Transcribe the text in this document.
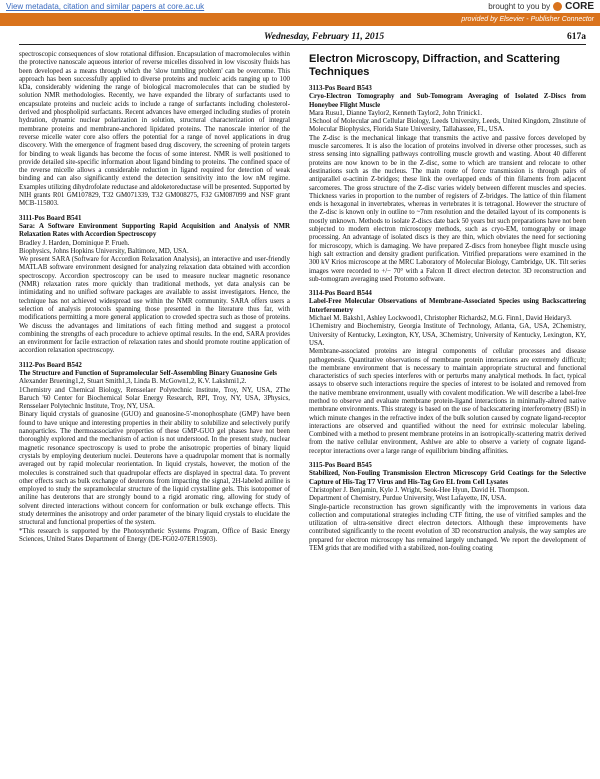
View metadata, citation and similar papers at core.ac.uk	brought to you by CORE
provided by Elsevier - Publisher Connector
Wednesday, February 11, 2015	617a

spectroscopic consequences of slow rotational diffusion. Encapsulation of macromolecules within the protective nanoscale aqueous interior of reverse micelles dissolved in low viscosity fluids has been developed as a means through which the 'slow tumbling problem' can be overcome. This approach has been successfully applied to diverse proteins and nucleic acids ranging up to 100 kDa, considerably widening the range of biological macromolecules that can be studied by solution NMR methodologies. Recently, we have expanded the library of surfactants used to encapsulate proteins and nucleic acids to include a range of surfactants including cholesterol-derived and phospholipid surfactants. Recent advances have emerged including studies of protein hydration, dynamic nuclear polarization in solution, structural characterization of integral membrane proteins and membrane-anchored lipidated proteins. The nanoscale interior of the reverse micelle water core also offers the potential for a range of novel applications in drug discovery. With the emergence of fragment based drug discovery, the screening of protein targets for binding to weak ligands has become the focus of some interest. NMR is well positioned to provide detailed site-specific information about ligand binding to proteins. The confined space of the reverse micelle allows a considerable reduction in ligand required for detection of weak binding and can also significantly extend the detection sensitivity into the low nM regime. Examples utilizing dihydrofolate reductase and aldoketoreductase will be presented. Supported by NIH grants R01 GM107829, T32 GM071339, T32 GM008275, F32 GM087099 and NSF grant MCB-115803.

3111-Pos Board B541

Sara: A Software Environment Supporting Rapid Acquisition and Analysis of NMR Relaxation Rates with Accordion Spectroscopy

Bradley J. Harden, Dominique P. Frueh.

Biophysics, Johns Hopkins University, Baltimore, MD, USA.

We present SARA (Software for Accordion Relaxation Analysis), an interactive and user-friendly MATLAB software environment designed for analyzing relaxation data obtained with accordion spectroscopy. Accordion spectroscopy can be used to measure nuclear magnetic resonance (NMR) relaxation rates more quickly than traditional methods, yet data analysis can be intimidating and no unified software packages are available to assist investigators. Hence, the technique has not achieved widespread use within the NMR community. SARA offers users a selection of analysis protocols spanning those presented in the literature thus far, with modifications permitting a more general application to crowded spectra such as those of proteins. We discuss the advantages and limitations of each fitting method and suggest a protocol combining the strengths of each procedure to achieve optimal results. In the end, SARA provides an environment for facile extraction of relaxation rates and should promote routine application of accordion relaxation spectroscopy.

3112-Pos Board B542

The Structure and Function of Supramolecular Self-Assembling Binary Guanosine Gels

Alexander Bruening1,2, Stuart Smith1,3, Linda B. McGown1,2, K.V. Lakshmi1,2.

1Chemistry and Chemical Biology, Rensselaer Polytechnic Institute, Troy, NY, USA, 2The Baruch '60 Center for Biochemical Solar Energy Research, RPI, Troy, NY, USA, 3Physics, Rensselaer Polytechnic Institute, Troy, NY, USA.

Binary liquid crystals of guanosine (GUO) and guanosine-5'-monophosphate (GMP) have been found to have unique and interesting properties in their ability to solubilize and selectively purify nanoparticles. The thermoassociative properties of these GMP-GUO gel phases have not been thoroughly explored and the mechanism of action is not understood. In the present study, nuclear magnetic resonance spectroscopy is used to probe the anisotropic properties of binary liquid crystals by employing deuterium nuclei. Deuterons have a quadrupolar moment that is normally averaged out by rapid molecular reorientation. In liquid crystals, however, the motion of the molecules is constrained such that quadrupolar effects are displayed in spectral data. To prevent other effects such as bulk exchange of deuterons from impacting the signal, 2H-labeled aniline is employed to study the supramolecular structure of the liquid crystalline gels. This isotopomer of aniline has deuterons that are strongly bound to a rigid aromatic ring, allowing for study of solvent directed interactions without concern for conformation or bulk exchange effects. This study determines the anisotropy and order parameter of the binary liquid crystals to elucidate the structural and functional properties of the system.

*This research is supported by the Photosynthetic Systems Program, Office of Basic Energy Sciences, United States Department of Energy (DE-FG02-07ER15903).

Electron Microscopy, Diffraction, and Scattering Techniques

3113-Pos Board B543

Cryo-Electron Tomography and Sub-Tomogram Averaging of Isolated Z-Discs from Honeybee Flight Muscle

Mara Rusu1, Dianne Taylor2, Kenneth Taylor2, John Trinick1.

1School of Molecular and Cellular Biology, Leeds University, Leeds, United Kingdom, 2Institute of Molecular Biophysics, Florida State University, Tallahassee, FL, USA.

The Z-disc is the mechanical linkage that transmits the active and passive forces developed by muscle sarcomeres. It is also the location of proteins involved in diverse other processes, such as stress sensing into signalling pathways controlling muscle growth and wasting. About 40 different proteins are now known to be in the Z-disc, some to which are transient and relocate to other destinations such as the nucleus. The main route of force transmission is through pairs of antiparallel α-actinin Z-bridges; these link the overlapped ends of thin filaments from adjacent sarcomeres. The gross structure of the Z-disc varies widely between different muscles and species. Thickness varies in proportion to the number of registers of Z-bridges. The lattice of thin filament ends is hexagonal in invertebrates, whereas in vertebrates it is tetragonal. However the structure of the Z-disc is known only in outline to ~7nm resolution and the detailed layout of its components is mostly unknown. Methods to isolate Z-discs date back 50 years but such preparations have not been subjected to modern electron microscopy methods, such as cryo-EM, tomography or image processing. An advantage of isolated discs is they are thin, which obviates the need for sectioning for microscopy, which is damaging. We have prepared Z-discs from honeybee flight muscle using high salt extraction and density gradient purification. Vitrified preparations were examined in the 300 kV Krios microscope at the MRC Laboratory of Molecular Biology, Cambridge, UK. Tilt series images were recorded to +/− 70° with a Falcon II direct electron detector. 3D reconstruction and sub-tomogram averaging used Protomo software.

3114-Pos Board B544

Label-Free Molecular Observations of Membrane-Associated Species using Backscattering Interferometry

Michael M. Baksh1, Ashley Lockwood1, Christopher Richards2, M.G. Finn1, David Heidary3.

1Chemistry and Biochemistry, Georgia Institute of Technology, Atlanta, GA, USA, 2Chemistry, University of Kentucky, Lexington, KY, USA, 3Chemistry, University of Kentucky, Lexington, KY, USA.

Membrane-associated proteins are integral components of cellular processes and disease pathogenesis. Quantitative observations of membrane protein interactions are extremely difficult; the membrane environment that is necessary to maintain appropriate structural and functional characteristics of such species interferes with or perturbs many analytical methods. In fact, typical assays to observe such interactions require the species of interest to be isolated and removed from the native membrane environment, usually with covalent modification. We will describe a label-free method to observe and evaluate membrane protein-ligand interactions in minimally-altered native membrane environments. This strategy is based on the use of backscattering interferometry (BSI) in which minute changes in the refractive index of the bulk solution caused by cognate ligand-receptor interactions are observed and quantified without the need for extrinsic molecular labeling. Combined with a method to present membrane proteins in an isotropically-scattering matrix derived from the native cellular environment, Ashlwe are able to observe a variety of cognate ligand-receptor interactions over a large range of equilibrium binding affinities.

3115-Pos Board B545

Stabilized, Non-Fouling Transmission Electron Microscopy Grid Coatings for the Selective Capture of His-Tag T7 Virus and His-Tag Gro EL from Cell Lysates

Christopher J. Benjamin, Kyle J. Wright, Seok-Hee Hyun, David H. Thompson.

Department of Chemistry, Purdue University, West Lafayette, IN, USA.

Single-particle reconstruction has grown significantly with the improvements in various data collection and computational strategies including CTF fitting, the use of vitrified samples and the utilization of ultra-sensitive direct electron detectors. Although these improvements have contributed significantly to the recent evolution of 3D reconstruction analysis, the way samples are prepared for electron microscopy has remained largely unchanged. We report the development of TEM grids that are modified with a stabilized, non-fouling coating
